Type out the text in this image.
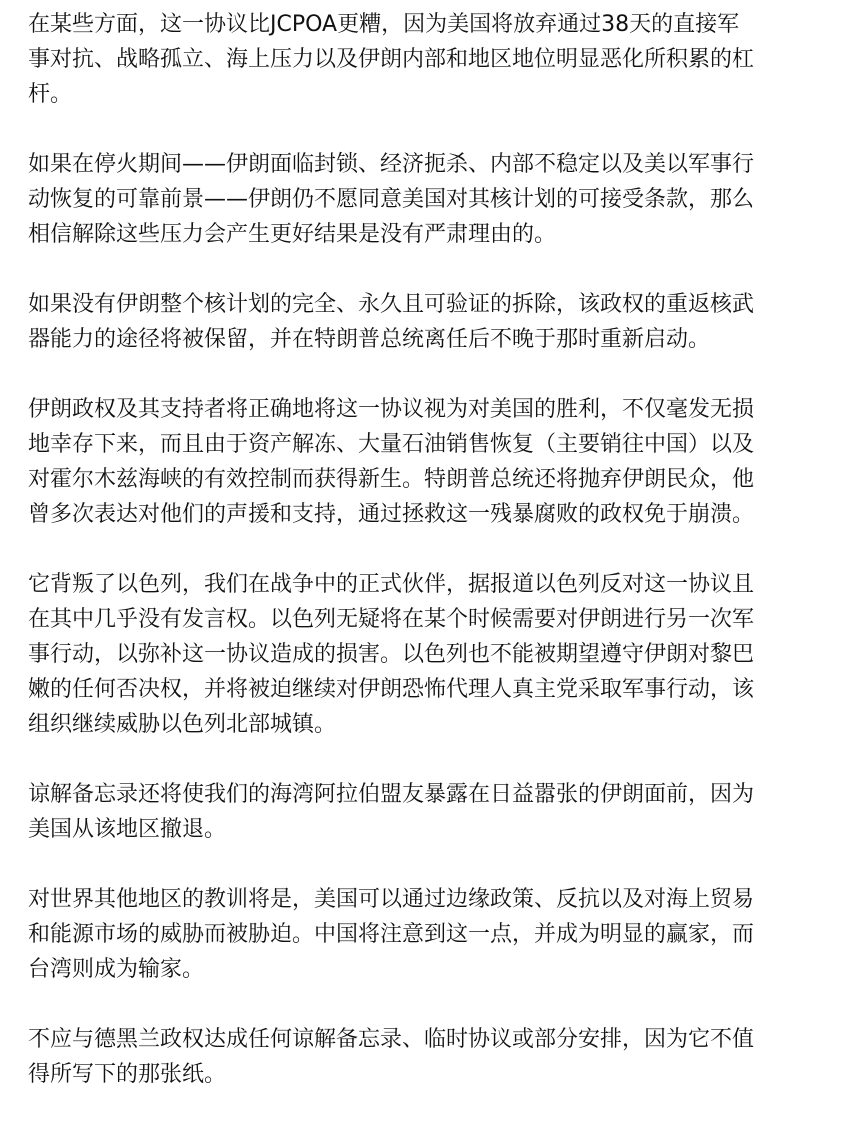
在某些方面，这一协议比JCPOA更糟，因为美国将放弃通过38天的直接军
事对抗、战略孤立、海上压力以及伊朗内部和地区地位明显恶化所积累的杠
杆。

如果在停火期间——伊朗面临封锁、经济扼杀、内部不稳定以及美以军事行
动恢复的可靠前景——伊朗仍不愿同意美国对其核计划的可接受条款，那么
相信解除这些压力会产生更好结果是没有严肃理由的。

如果没有伊朗整个核计划的完全、永久且可验证的拆除，该政权的重返核武
器能力的途径将被保留，并在特朗普总统离任后不晚于那时重新启动。

伊朗政权及其支持者将正确地将这一协议视为对美国的胜利，不仅毫发无损
地幸存下来，而且由于资产解冻、大量石油销售恢复（主要销往中国）以及
对霍尔木兹海峡的有效控制而获得新生。特朗普总统还将抛弃伊朗民众，他
曾多次表达对他们的声援和支持，通过拯救这一残暴腐败的政权免于崩溃。

它背叛了以色列，我们在战争中的正式伙伴，据报道以色列反对这一协议且
在其中几乎没有发言权。以色列无疑将在某个时候需要对伊朗进行另一次军
事行动，以弥补这一协议造成的损害。以色列也不能被期望遵守伊朗对黎巴
嫩的任何否决权，并将被迫继续对伊朗恐怖代理人真主党采取军事行动，该
组织继续威胁以色列北部城镇。

谅解备忘录还将使我们的海湾阿拉伯盟友暴露在日益嚣张的伊朗面前，因为
美国从该地区撤退。

对世界其他地区的教训将是，美国可以通过边缘政策、反抗以及对海上贸易
和能源市场的威胁而被胁迫。中国将注意到这一点，并成为明显的赢家，而
台湾则成为输家。

不应与德黑兰政权达成任何谅解备忘录、临时协议或部分安排，因为它不值
得所写下的那张纸。
